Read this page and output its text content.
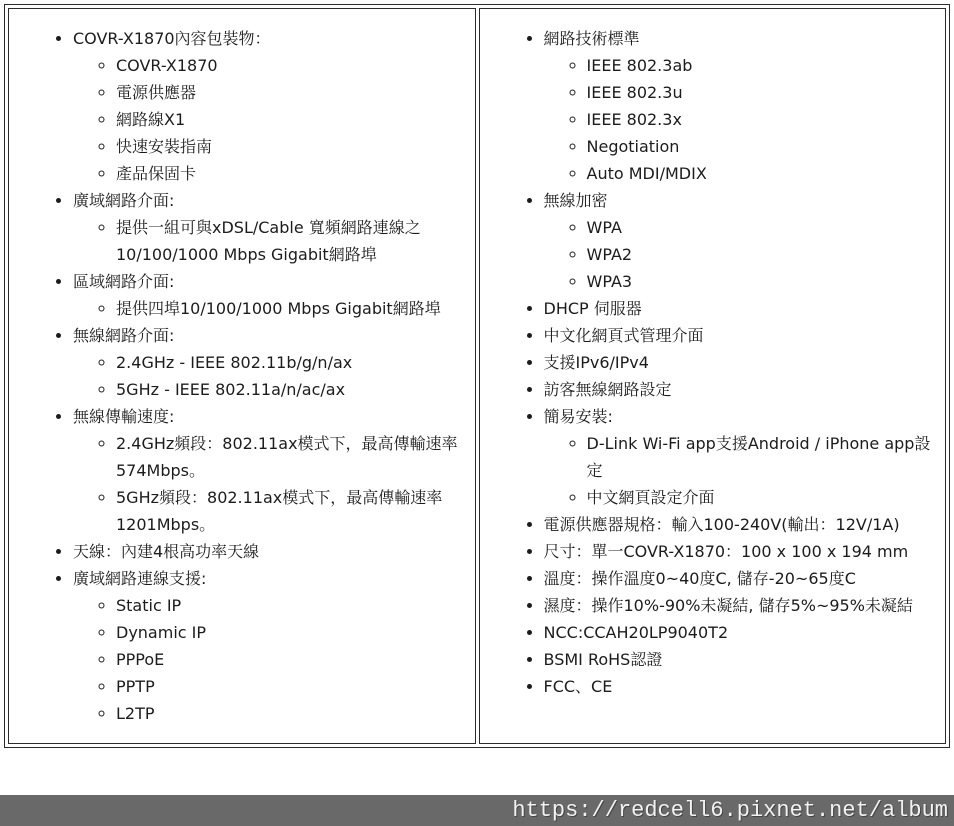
• COVR-X1870內容包裝物：
◦ COVR-X1870
◦ 電源供應器
◦ 網路線X1
◦ 快速安裝指南
◦ 產品保固卡
• 廣域網路介面:
◦ 提供一組可與xDSL/Cable 寬頻網路連線之10/100/1000 Mbps Gigabit網路埠
• 區域網路介面:
◦ 提供四埠10/100/1000 Mbps Gigabit網路埠
• 無線網路介面:
◦ 2.4GHz - IEEE 802.11b/g/n/ax
◦ 5GHz - IEEE 802.11a/n/ac/ax
• 無線傳輸速度:
◦ 2.4GHz頻段：802.11ax模式下，最高傳輸速率574Mbps。
◦ 5GHz頻段：802.11ax模式下，最高傳輸速率1201Mbps。
• 天線：內建4根高功率天線
• 廣域網路連線支援:
◦ Static IP
◦ Dynamic IP
◦ PPPoE
◦ PPTP
◦ L2TP

• 網路技術標準
◦ IEEE 802.3ab
◦ IEEE 802.3u
◦ IEEE 802.3x
◦ Negotiation
◦ Auto MDI/MDIX
• 無線加密
◦ WPA
◦ WPA2
◦ WPA3
• DHCP 伺服器
• 中文化網頁式管理介面
• 支援IPv6/IPv4
• 訪客無線網路設定
• 簡易安裝:
◦ D-Link Wi-Fi app支援Android / iPhone app設定
◦ 中文網頁設定介面
• 電源供應器規格：輸入100-240V(輸出：12V/1A)
• 尺寸：單一COVR-X1870：100 x 100 x 194 mm
• 溫度：操作溫度0~40度C, 儲存-20~65度C
• 濕度：操作10%-90%未凝結, 儲存5%~95%未凝結
• NCC:CCAH20LP9040T2
• BSMI RoHS認證
• FCC、CE
https://redcell6.pixnet.net/album
